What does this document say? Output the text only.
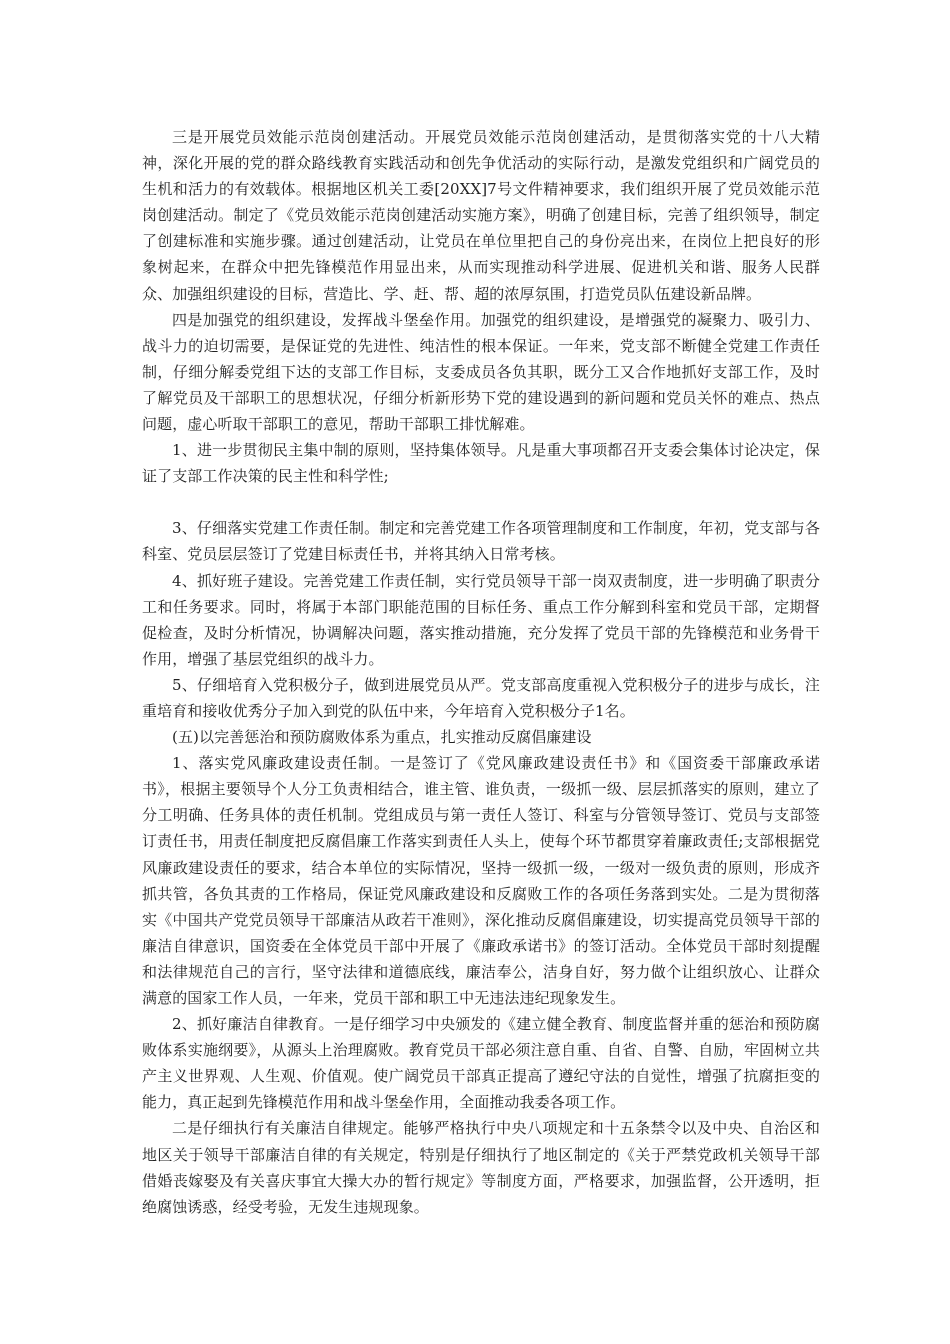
三是开展党员效能示范岗创建活动。开展党员效能示范岗创建活动，是贯彻落实党的十八大精神，深化开展的党的群众路线教育实践活动和创先争优活动的实际行动，是激发党组织和广阔党员的生机和活力的有效载体。根据地区机关工委[20XX]7号文件精神要求，我们组织开展了党员效能示范岗创建活动。制定了《党员效能示范岗创建活动实施方案》，明确了创建目标，完善了组织领导，制定了创建标准和实施步骤。通过创建活动，让党员在单位里把自己的身份亮出来，在岗位上把良好的形象树起来，在群众中把先锋模范作用显出来，从而实现推动科学进展、促进机关和谐、服务人民群众、加强组织建设的目标，营造比、学、赶、帮、超的浓厚氛围，打造党员队伍建设新品牌。

四是加强党的组织建设，发挥战斗堡垒作用。加强党的组织建设，是增强党的凝聚力、吸引力、战斗力的迫切需要，是保证党的先进性、纯洁性的根本保证。一年来，党支部不断健全党建工作责任制，仔细分解委党组下达的支部工作目标，支委成员各负其职，既分工又合作地抓好支部工作，及时了解党员及干部职工的思想状况，仔细分析新形势下党的建设遇到的新问题和党员关怀的难点、热点问题，虚心听取干部职工的意见，帮助干部职工排忧解难。

1、进一步贯彻民主集中制的原则，坚持集体领导。凡是重大事项都召开支委会集体讨论决定，保证了支部工作决策的民主性和科学性;

3、仔细落实党建工作责任制。制定和完善党建工作各项管理制度和工作制度，年初，党支部与各科室、党员层层签订了党建目标责任书，并将其纳入日常考核。

4、抓好班子建设。完善党建工作责任制，实行党员领导干部一岗双责制度，进一步明确了职责分工和任务要求。同时，将属于本部门职能范围的目标任务、重点工作分解到科室和党员干部，定期督促检查，及时分析情况，协调解决问题，落实推动措施，充分发挥了党员干部的先锋模范和业务骨干作用，增强了基层党组织的战斗力。

5、仔细培育入党积极分子，做到进展党员从严。党支部高度重视入党积极分子的进步与成长，注重培育和接收优秀分子加入到党的队伍中来，今年培育入党积极分子1名。

(五)以完善惩治和预防腐败体系为重点，扎实推动反腐倡廉建设

1、落实党风廉政建设责任制。一是签订了《党风廉政建设责任书》和《国资委干部廉政承诺书》，根据主要领导个人分工负责相结合，谁主管、谁负责，一级抓一级、层层抓落实的原则，建立了分工明确、任务具体的责任机制。党组成员与第一责任人签订、科室与分管领导签订、党员与支部签订责任书，用责任制度把反腐倡廉工作落实到责任人头上，使每个环节都贯穿着廉政责任;支部根据党风廉政建设责任的要求，结合本单位的实际情况，坚持一级抓一级，一级对一级负责的原则，形成齐抓共管，各负其责的工作格局，保证党风廉政建设和反腐败工作的各项任务落到实处。二是为贯彻落实《中国共产党党员领导干部廉洁从政若干准则》，深化推动反腐倡廉建设，切实提高党员领导干部的廉洁自律意识，国资委在全体党员干部中开展了《廉政承诺书》的签订活动。全体党员干部时刻提醒和法律规范自己的言行，坚守法律和道德底线，廉洁奉公，洁身自好，努力做个让组织放心、让群众满意的国家工作人员，一年来，党员干部和职工中无违法违纪现象发生。

2、抓好廉洁自律教育。一是仔细学习中央颁发的《建立健全教育、制度监督并重的惩治和预防腐败体系实施纲要》，从源头上治理腐败。教育党员干部必须注意自重、自省、自警、自励，牢固树立共产主义世界观、人生观、价值观。使广阔党员干部真正提高了遵纪守法的自觉性，增强了抗腐拒变的能力，真正起到先锋模范作用和战斗堡垒作用，全面推动我委各项工作。

二是仔细执行有关廉洁自律规定。能够严格执行中央八项规定和十五条禁令以及中央、自治区和地区关于领导干部廉洁自律的有关规定，特别是仔细执行了地区制定的《关于严禁党政机关领导干部借婚丧嫁娶及有关喜庆事宜大操大办的暂行规定》等制度方面，严格要求，加强监督，公开透明，拒绝腐蚀诱惑，经受考验，无发生违规现象。
